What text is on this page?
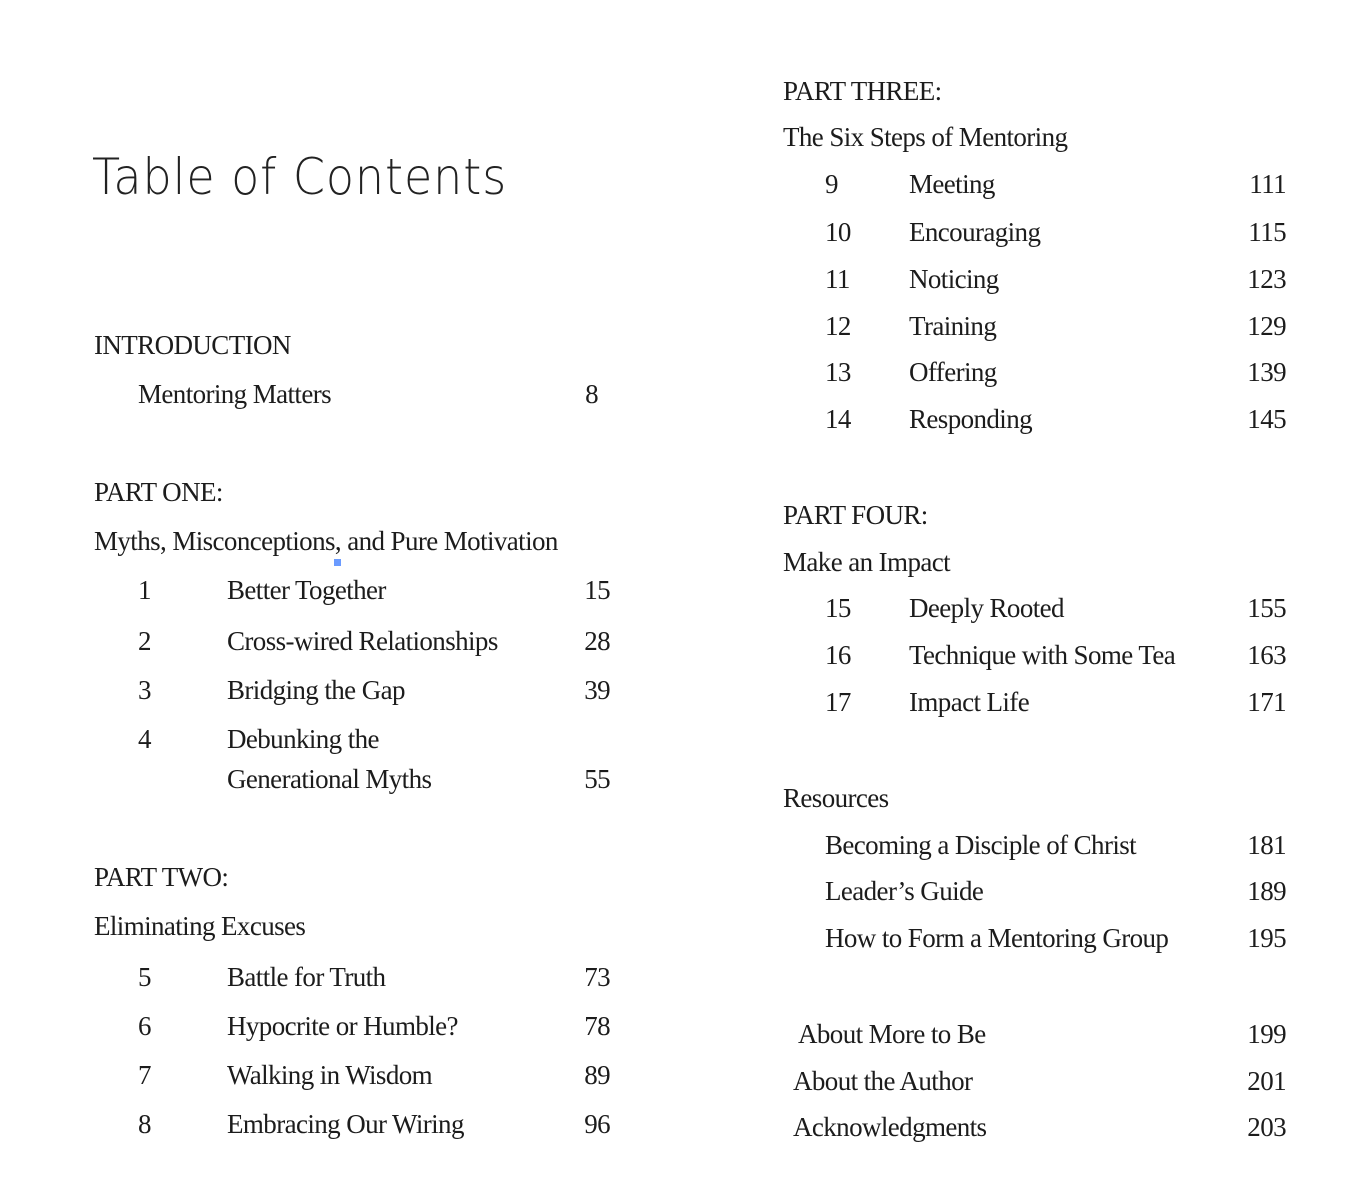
Table of Contents
INTRODUCTION
Mentoring Matters	8
PART ONE:
Myths, Misconceptions, and Pure Motivation
1	Better Together	15
2	Cross-wired Relationships	28
3	Bridging the Gap	39
4	Debunking the
Generational Myths	55
PART TWO:
Eliminating Excuses
5	Battle for Truth	73
6	Hypocrite or Humble?	78
7	Walking in Wisdom	89
8	Embracing Our Wiring	96
PART THREE:
The Six Steps of Mentoring
9	Meeting	111
10 Encouraging	115
11 Noticing	123
12 Training	129
13 Offering	139
14 Responding	145
PART FOUR:
Make an Impact
15 Deeply Rooted	155
16 Technique with Some Tea	163
17 Impact Life	171
Resources
Becoming a Disciple of Christ	181
Leader’s Guide	189
How to Form a Mentoring Group	195
About More to Be	199
About the Author	201
Acknowledgments	203
